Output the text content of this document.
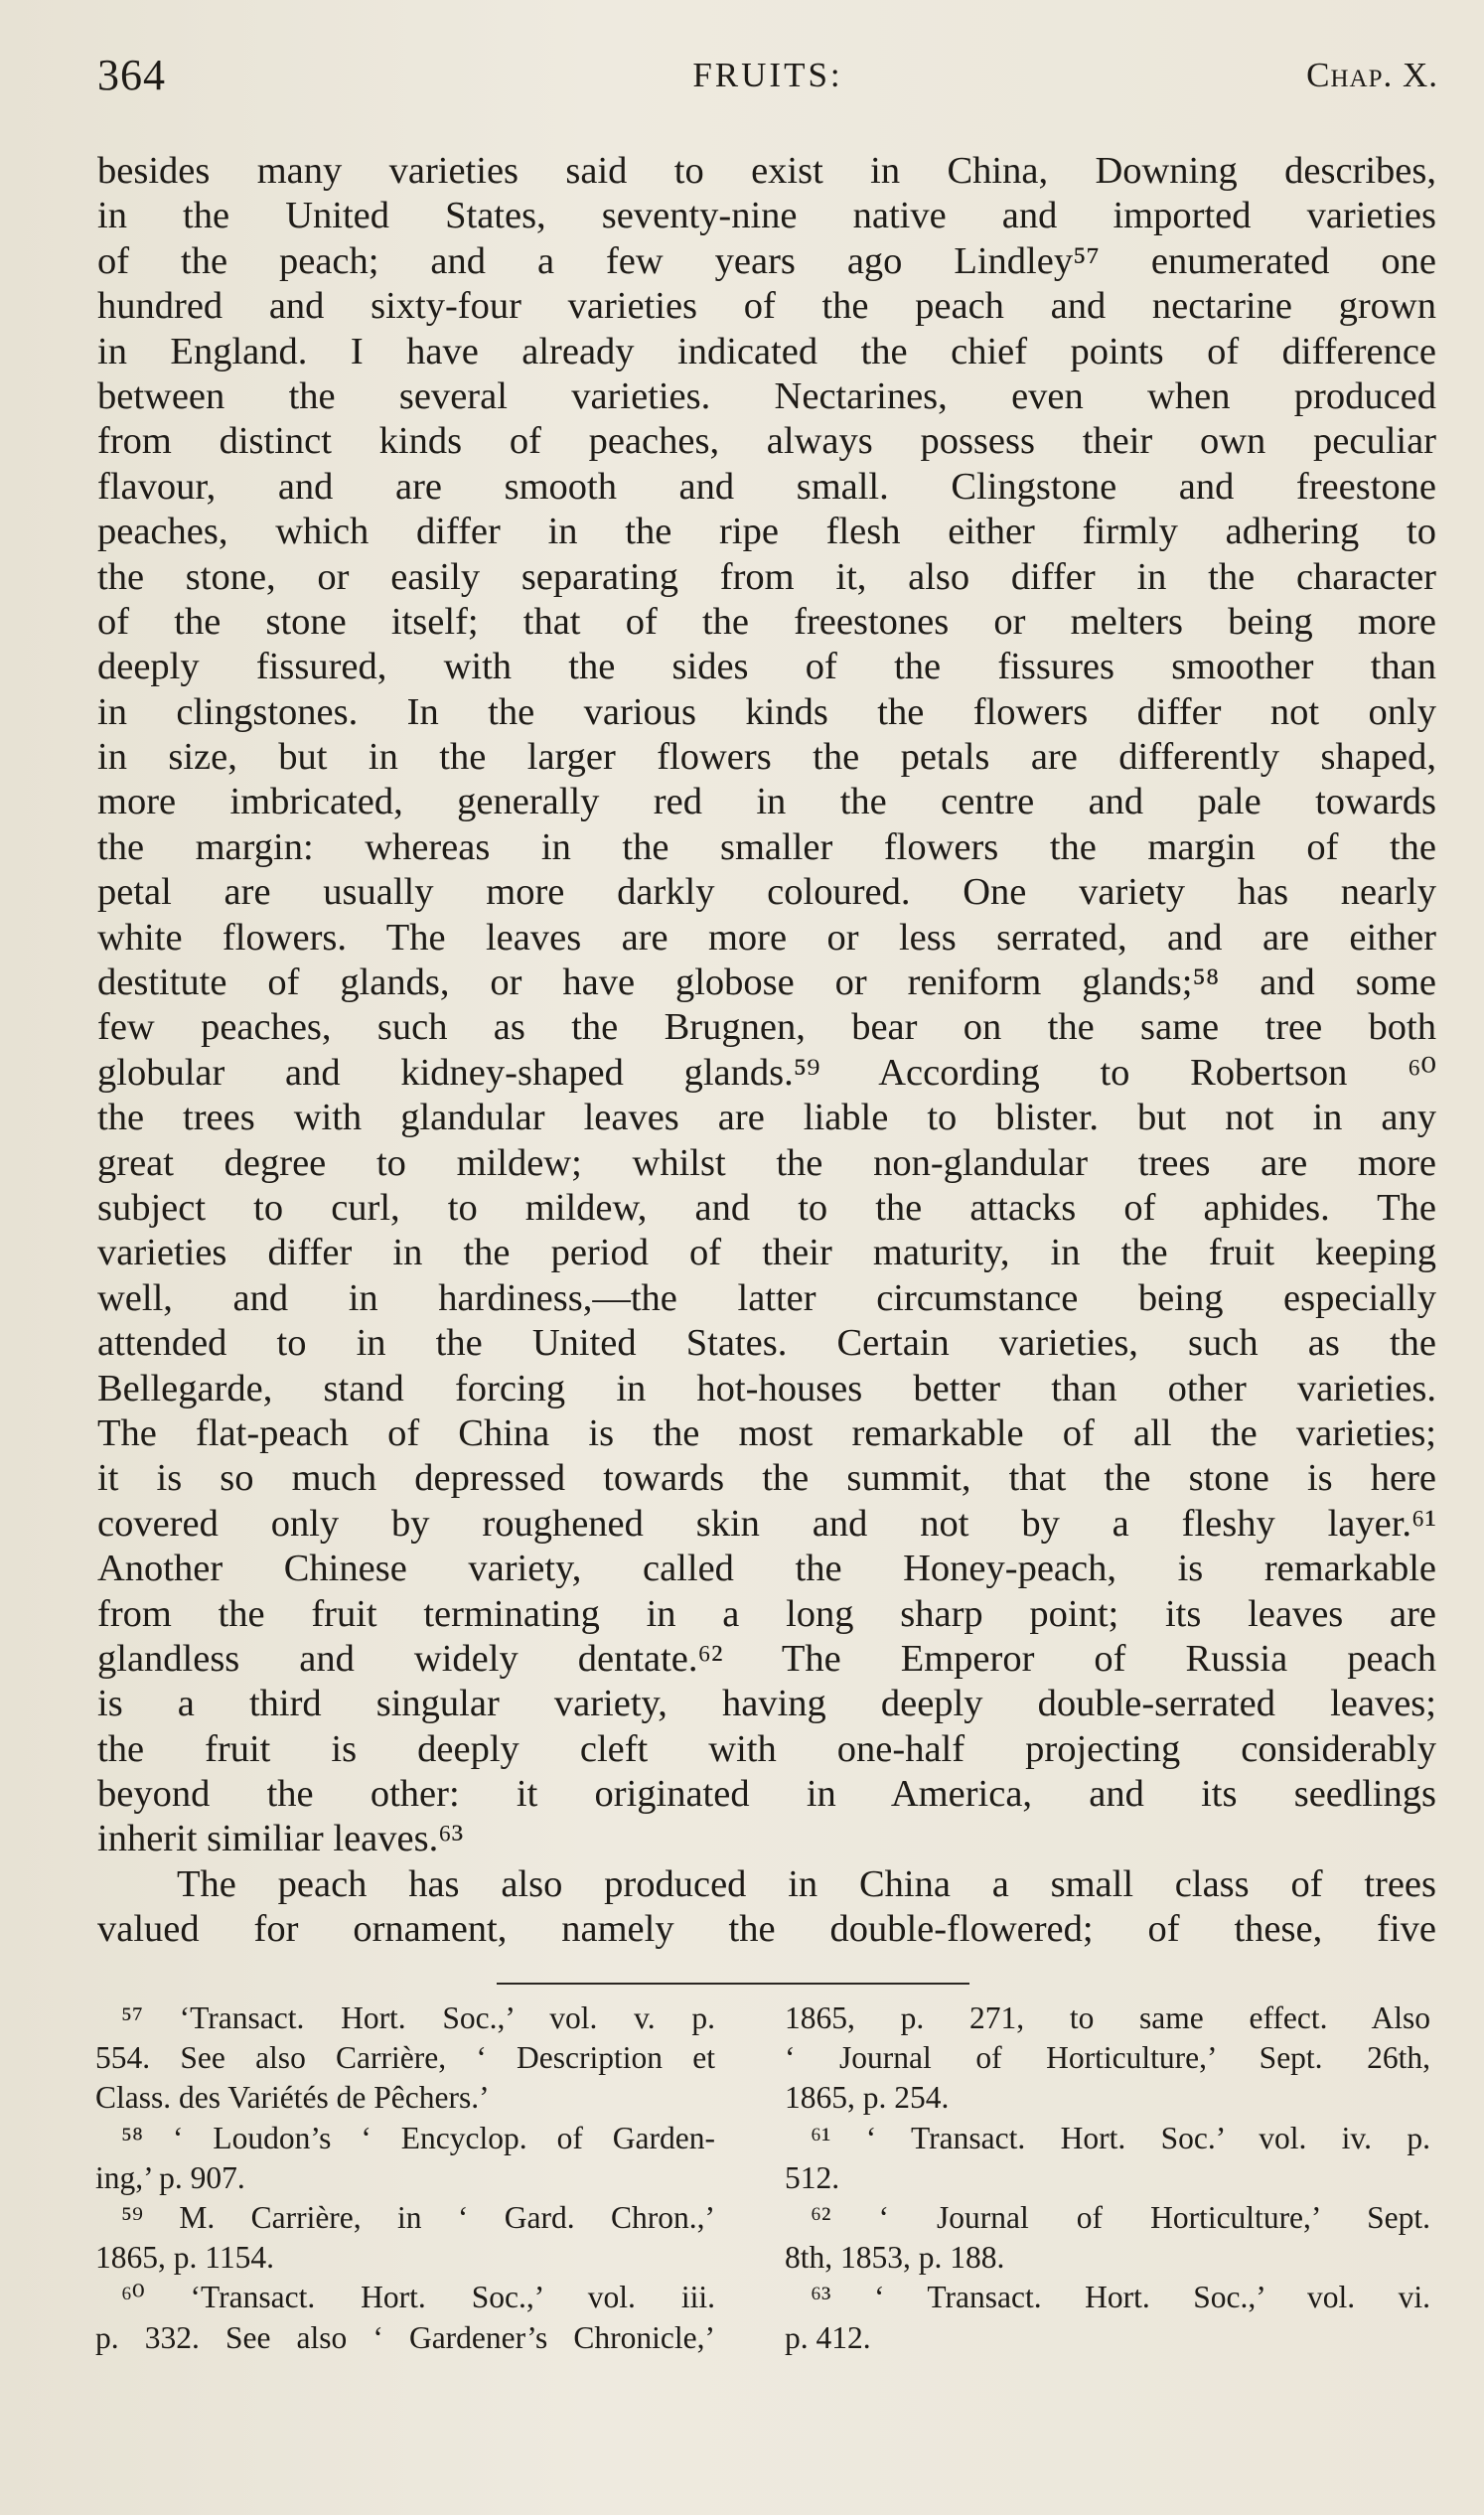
364	FRUITS:	Chap. X.
besides many varieties said to exist in China, Downing describes,
in the United States, seventy-nine native and imported varieties
of the peach; and a few years ago Lindley⁵⁷ enumerated one
hundred and sixty-four varieties of the peach and nectarine grown
in England. I have already indicated the chief points of difference
between the several varieties. Nectarines, even when produced
from distinct kinds of peaches, always possess their own peculiar
flavour, and are smooth and small. Clingstone and freestone
peaches, which differ in the ripe flesh either firmly adhering to
the stone, or easily separating from it, also differ in the character
of the stone itself; that of the freestones or melters being more
deeply fissured, with the sides of the fissures smoother than
in clingstones. In the various kinds the flowers differ not only
in size, but in the larger flowers the petals are differently shaped,
more imbricated, generally red in the centre and pale towards
the margin: whereas in the smaller flowers the margin of the
petal are usually more darkly coloured. One variety has nearly
white flowers. The leaves are more or less serrated, and are either
destitute of glands, or have globose or reniform glands;⁵⁸ and some
few peaches, such as the Brugnen, bear on the same tree both
globular and kidney-shaped glands.⁵⁹ According to Robertson ⁶⁰
the trees with glandular leaves are liable to blister. but not in any
great degree to mildew; whilst the non-glandular trees are more
subject to curl, to mildew, and to the attacks of aphides. The
varieties differ in the period of their maturity, in the fruit keeping
well, and in hardiness,—the latter circumstance being especially
attended to in the United States. Certain varieties, such as the
Bellegarde, stand forcing in hot-houses better than other varieties.
The flat-peach of China is the most remarkable of all the varieties;
it is so much depressed towards the summit, that the stone is here
covered only by roughened skin and not by a fleshy layer.⁶¹
Another Chinese variety, called the Honey-peach, is remarkable
from the fruit terminating in a long sharp point; its leaves are
glandless and widely dentate.⁶² The Emperor of Russia peach
is a third singular variety, having deeply double-serrated leaves;
the fruit is deeply cleft with one-half projecting considerably
beyond the other: it originated in America, and its seedlings
inherit similiar leaves.⁶³
The peach has also produced in China a small class of trees
valued for ornament, namely the double-flowered; of these, five
⁵⁷ ‘Transact. Hort. Soc.,’ vol. v. p.
554. See also Carrière, ‘ Description et
Class. des Variétés de Pêchers.’
⁵⁸ ‘ Loudon’s ‘ Encyclop. of Garden-
ing,’ p. 907.
⁵⁹ M. Carrière, in ‘ Gard. Chron.,’
1865, p. 1154.
⁶⁰ ‘Transact. Hort. Soc.,’ vol. iii.
p. 332. See also ‘ Gardener’s Chronicle,’
1865, p. 271, to same effect. Also
‘ Journal of Horticulture,’ Sept. 26th,
1865, p. 254.
⁶¹ ‘ Transact. Hort. Soc.’ vol. iv. p.
512.
⁶² ‘ Journal of Horticulture,’ Sept.
8th, 1853, p. 188.
⁶³ ‘ Transact. Hort. Soc.,’ vol. vi.
p. 412.
